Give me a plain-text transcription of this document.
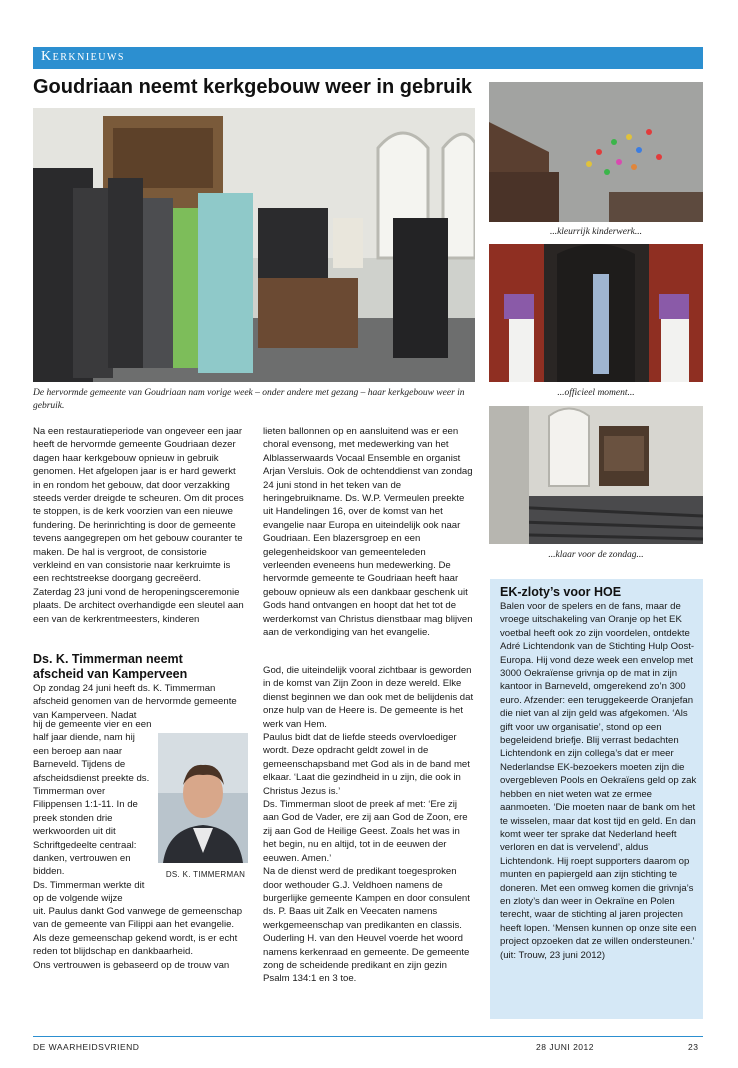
Kerknieuws
Goudriaan neemt kerkgebouw weer in gebruik
De hervormde gemeente van Goudriaan nam vorige week – onder andere met gezang – haar kerkgebouw weer in gebruik.
...kleurrijk kinderwerk...
...officieel moment...
...klaar voor de zondag...

Na een restauratieperiode van ongeveer een jaar heeft de hervormde gemeente Goudriaan dezer dagen haar kerkgebouw opnieuw in gebruik genomen. Het afgelopen jaar is er hard gewerkt in en rondom het gebouw, dat door verzakking steeds verder dreigde te scheuren. Om dit proces te stoppen, is de kerk voorzien van een nieuwe fundering. De herinrichting is door de gemeente tevens aangegrepen om het gebouw couranter te maken. De hal is vergroot, de consistorie verkleind en van consistorie naar kerkruimte is een rechtstreekse doorgang gecreëerd.

Zaterdag 23 juni vond de heropeningsceremonie plaats. De architect overhandigde een sleutel aan een van de kerkrentmeesters, kinderen

lieten ballonnen op en aansluitend was er een choral evensong, met medewerking van het Alblasserwaards Vocaal Ensemble en organist Arjan Versluis. Ook de ochtenddienst van zondag 24 juni stond in het teken van de heringebruikname. Ds. W.P. Vermeulen preekte uit Handelingen 16, over de komst van het evangelie naar Europa en uiteindelijk ook naar Goudriaan. Een blazersgroep en een gelegenheidskoor van gemeenteleden verleenden eveneens hun medewerking. De hervormde gemeente te Goudriaan heeft haar gebouw opnieuw als een dankbaar geschenk uit Gods hand ontvangen en hoopt dat het tot de werderkomst van Christus dienstbaar mag blijven aan de verkondiging van het evangelie.

Ds. K. Timmerman neemt
afscheid van Kamperveen
Op zondag 24 juni heeft ds. K. Timmerman afscheid genomen van de hervormde gemeente van Kamperveen. Nadat

hij de gemeente vier en een half jaar diende, nam hij een beroep aan naar Barneveld. Tijdens de afscheidsdienst preekte ds. Timmerman over Filippensen 1:1-11. In de preek stonden drie werkwoorden uit dit Schriftgedeelte centraal: danken, vertrouwen en bidden.

Ds. Timmerman werkte dit op de volgende wijze

DS. K. TIMMERMAN

uit. Paulus dankt God vanwege de gemeenschap van de gemeente van Filippi aan het evangelie. Als deze gemeenschap gekend wordt, is er echt reden tot blijdschap en dankbaarheid.

Ons vertrouwen is gebaseerd op de trouw van

God, die uiteindelijk vooral zichtbaar is geworden in de komst van Zijn Zoon in deze wereld. Elke dienst beginnen we dan ook met de belijdenis dat onze hulp van de Heere is. De gemeente is het werk van Hem.

Paulus bidt dat de liefde steeds overvloediger wordt. Deze opdracht geldt zowel in de gemeenschapsband met God als in de band met elkaar. ‘Laat die gezindheid in u zijn, die ook in Christus Jezus is.’

Ds. Timmerman sloot de preek af met: ‘Ere zij aan God de Vader, ere zij aan God de Zoon, ere zij aan God de Heilige Geest. Zoals het was in het begin, nu en altijd, tot in de eeuwen der eeuwen. Amen.’

Na de dienst werd de predikant toegesproken door wethouder G.J. Veldhoen namens de burgerlijke gemeente Kampen en door consulent ds. P. Baas uit Zalk en Veecaten namens werkgemeenschap van predikanten en classis. Ouderling H. van den Heuvel voerde het woord namens kerkenraad en gemeente. De gemeente zong de scheidende predikant en zijn gezin Psalm 134:1 en 3 toe.

EK-zloty’s voor HOE
Balen voor de spelers en de fans, maar de vroege uitschakeling van Oranje op het EK voetbal heeft ook zo zijn voordelen, ontdekte Adré Lichtendonk van de Stichting Hulp Oost-Europa. Hij vond deze week een envelop met 3000 Oekraïense grivnja op de mat in zijn kantoor in Barneveld, omgerekend zo’n 300 euro. Afzender: een teruggekeerde Oranjefan die niet van al zijn geld was afgekomen. ‘Als gift voor uw organisatie’, stond op een begeleidend briefje. Blij verrast bedachten Lichtendonk en zijn collega’s dat er meer Nederlandse EK-bezoekers moeten zijn die overgebleven Pools en Oekraïens geld op zak hebben en niet weten wat ze ermee aanmoeten. ‘Die moeten naar de bank om het te wisselen, maar dat kost tijd en geld. En dan komt weer ter sprake dat Nederland heeft verloren en dat is vervelend’, aldus Lichtendonk. Hij roept supporters daarom op munten en papiergeld aan zijn stichting te doneren. Met een omweg komen die grivnja’s en zloty’s dan weer in Oekraïne en Polen terecht, waar de stichting al jaren projecten heeft lopen. ‘Mensen kunnen op onze site een project opzoeken dat ze willen ondersteunen.’ (uit: Trouw, 23 juni 2012)
DE WAARHEIDSVRIEND	28 JUNI 2012	23
